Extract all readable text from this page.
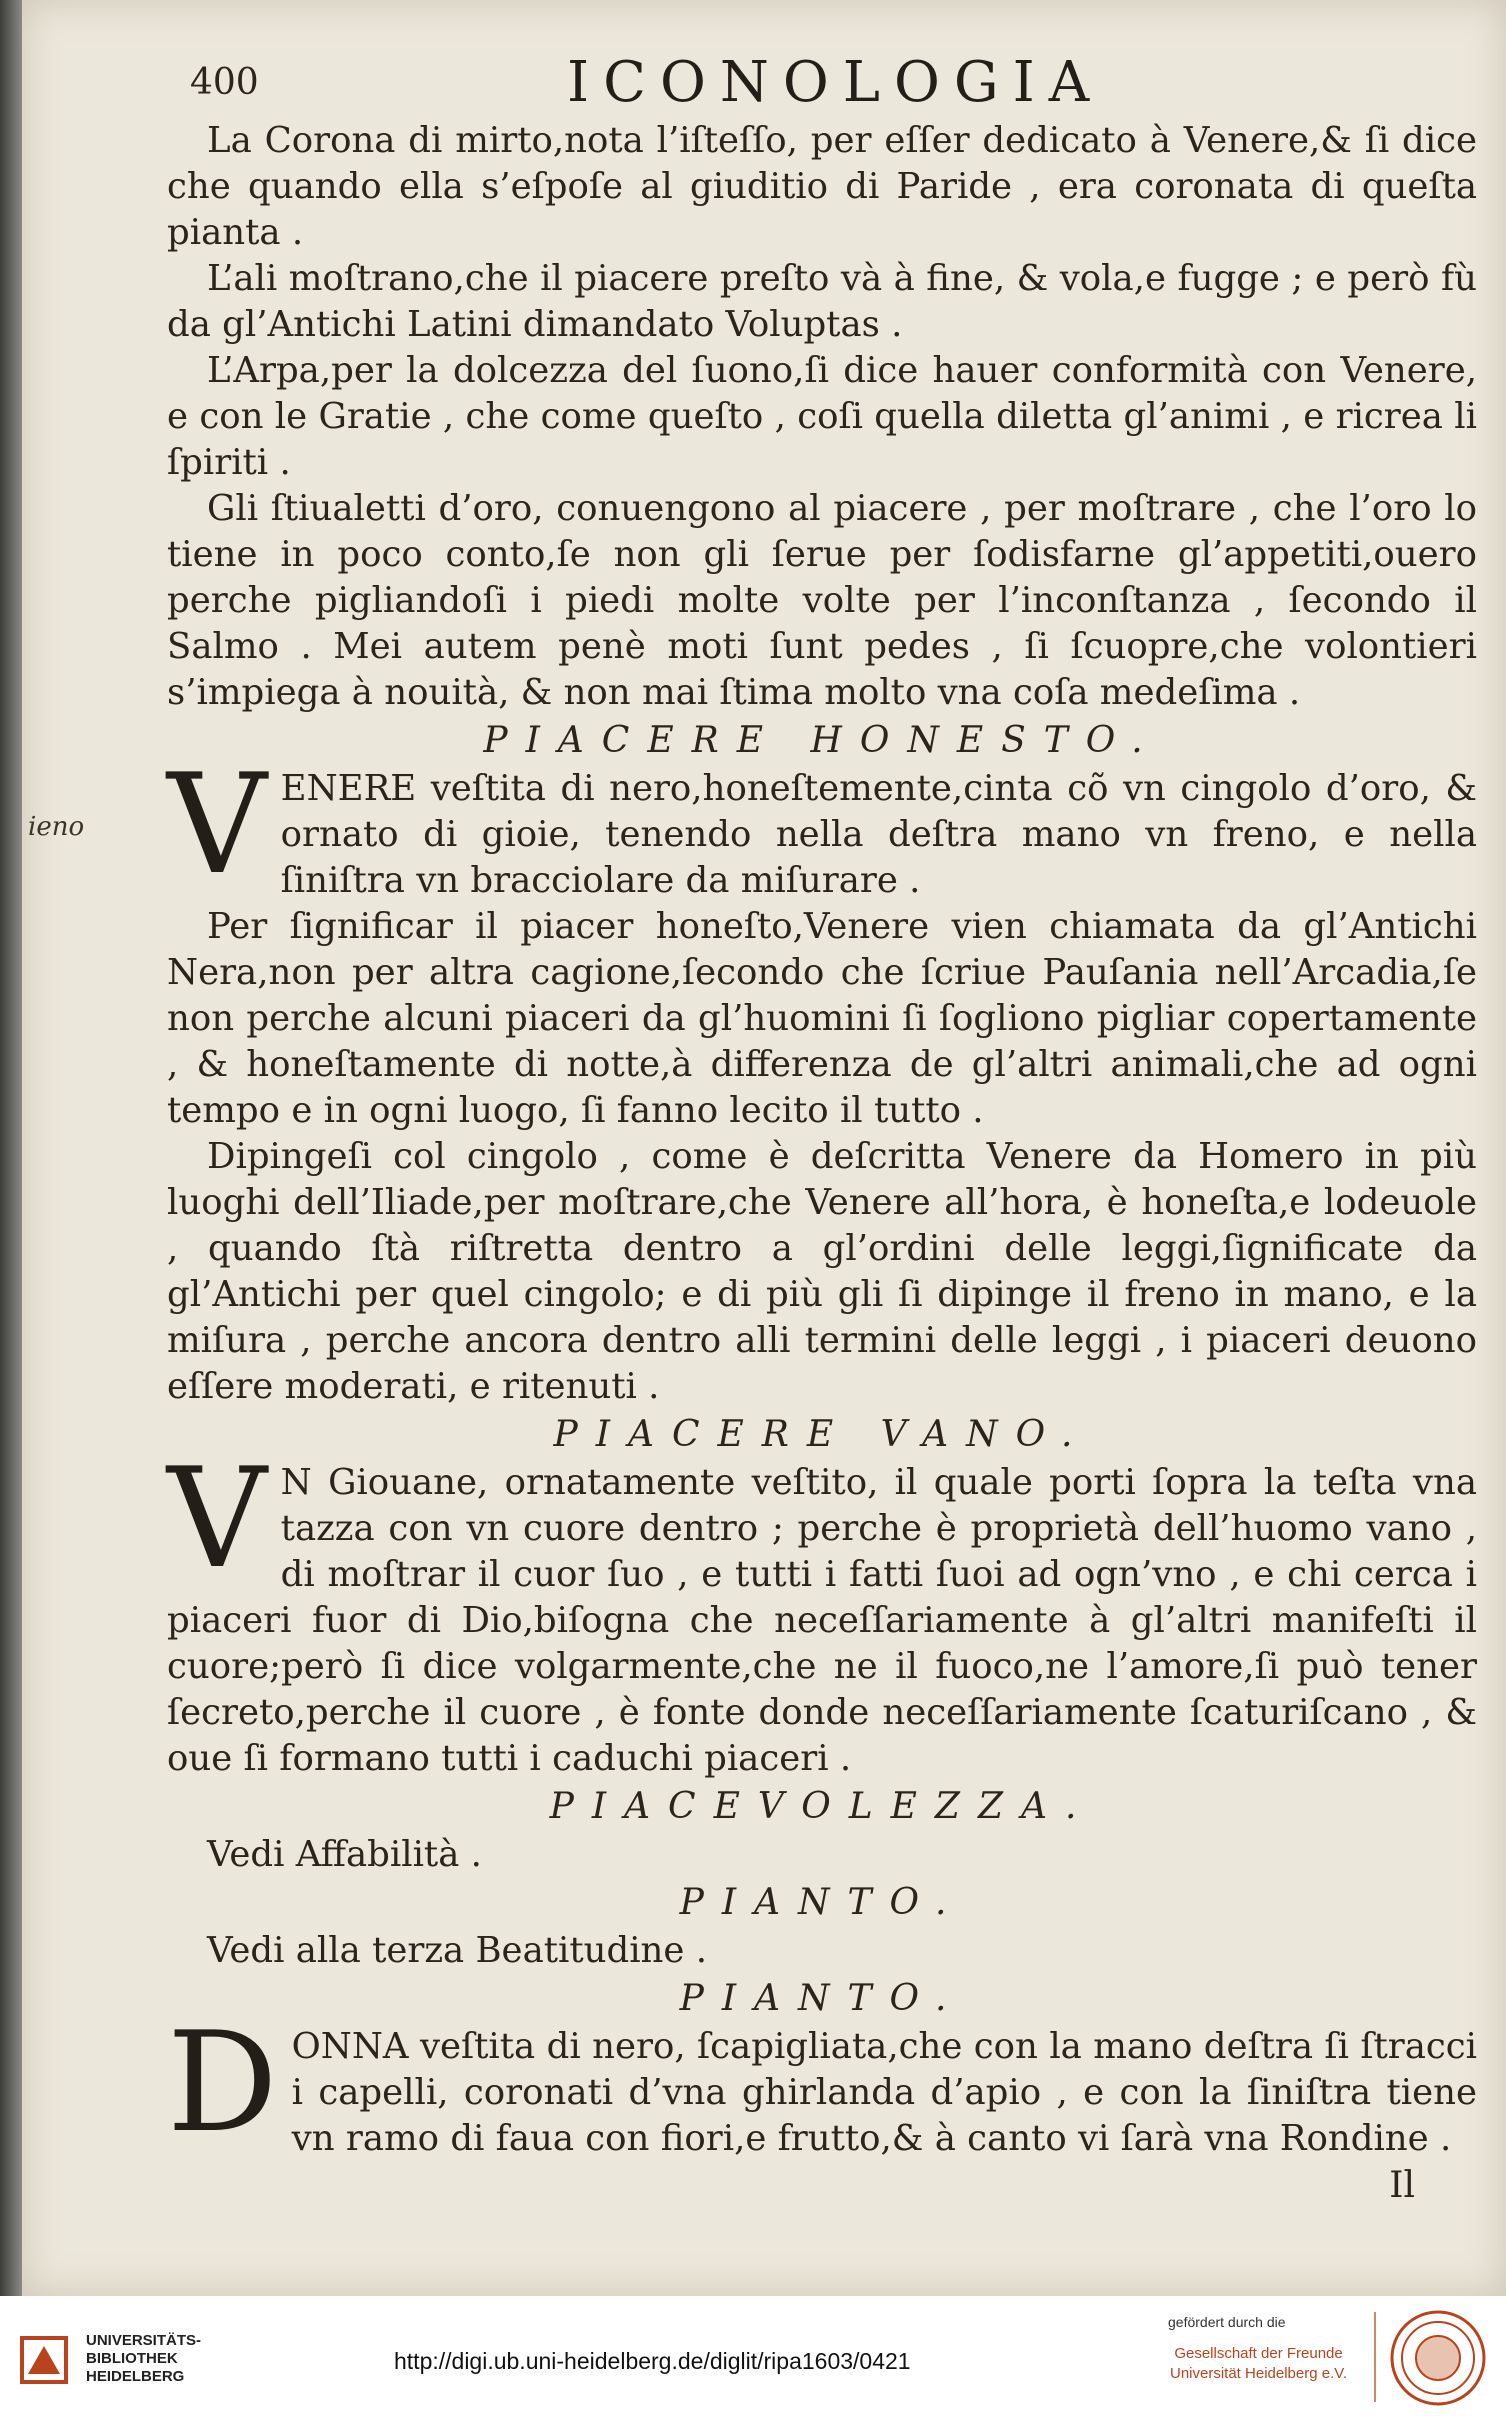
ieno
400	ICONOLOGIA

La Corona di mirto,nota l’iſteſſo, per eſſer dedicato à Venere,& ſi dice che quando ella s’eſpoſe al giuditio di Paride , era coronata di queſta pianta .

L’ali moſtrano,che il piacere preſto và à fine, & vola,e fugge ; e però fù da gl’Antichi Latini dimandato Voluptas .

L’Arpa,per la dolcezza del ſuono,ſi dice hauer conformità con Venere, e con le Gratie , che come queſto , coſi quella diletta gl’animi , e ricrea li ſpiriti .

Gli ſtiualetti d’oro, conuengono al piacere , per moſtrare , che l’oro lo tiene in poco conto,ſe non gli ſerue per ſodisfarne gl’appetiti,ouero perche pigliandoſi i piedi molte volte per l’inconſtanza , ſecondo il Salmo . Mei autem penè moti ſunt pedes , ſi ſcuopre,che volontieri s’impiega à nouità, & non mai ſtima molto vna coſa medeſima .

PIACERE HONESTO.

VENERE veſtita di nero,honeſtemente,cinta cõ vn cingolo d’oro, & ornato di gioie, tenendo nella deſtra mano vn freno, e nella ſiniſtra vn bracciolare da miſurare .

Per ſignificar il piacer honeſto,Venere vien chiamata da gl’Antichi Nera,non per altra cagione,ſecondo che ſcriue Pauſania nell’Arcadia,ſe non perche alcuni piaceri da gl’huomini ſi ſogliono pigliar copertamente , & honeſtamente di notte,à differenza de gl’altri animali,che ad ogni tempo e in ogni luogo, ſi fanno lecito il tutto .

Dipingeſi col cingolo , come è deſcritta Venere da Homero in più luoghi dell’Iliade,per moſtrare,che Venere all’hora, è honeſta,e lodeuole , quando ſtà riſtretta dentro a gl’ordini delle leggi,ſignificate da gl’Antichi per quel cingolo; e di più gli ſi dipinge il freno in mano, e la miſura , perche ancora dentro alli termini delle leggi , i piaceri deuono eſſere moderati, e ritenuti .

PIACERE VANO.

V N Giouane, ornatamente veſtito, il quale porti ſopra la teſta vna tazza con vn cuore dentro ; perche è proprietà dell’huomo vano , di moſtrar il cuor ſuo , e tutti i fatti ſuoi ad ogn’vno , e chi cerca i piaceri fuor di Dio,biſogna che neceſſariamente à gl’altri manifeſti il cuore;però ſi dice volgarmente,che ne il fuoco,ne l’amore,ſi può tener ſecreto,perche il cuore , è fonte donde neceſſariamente ſcaturiſcano , & oue ſi formano tutti i caduchi piaceri .

PIACEVOLEZZA.

Vedi Affabilità .

PIANTO.

Vedi alla terza Beatitudine .

PIANTO.

DONNA veſtita di nero, ſcapigliata,che con la mano deſtra ſi ſtracci i capelli, coronati d’vna ghirlanda d’apio , e con la ſiniſtra tiene vn ramo di faua con fiori,e frutto,& à canto vi ſarà vna Rondine .

Il
UNIVERSITÄTS-
BIBLIOTHEK
HEIDELBERG
http://digi.ub.uni-heidelberg.de/diglit/ripa1603/0421
gefördert durch die
Gesellschaft der Freunde
Universität Heidelberg e.V.
